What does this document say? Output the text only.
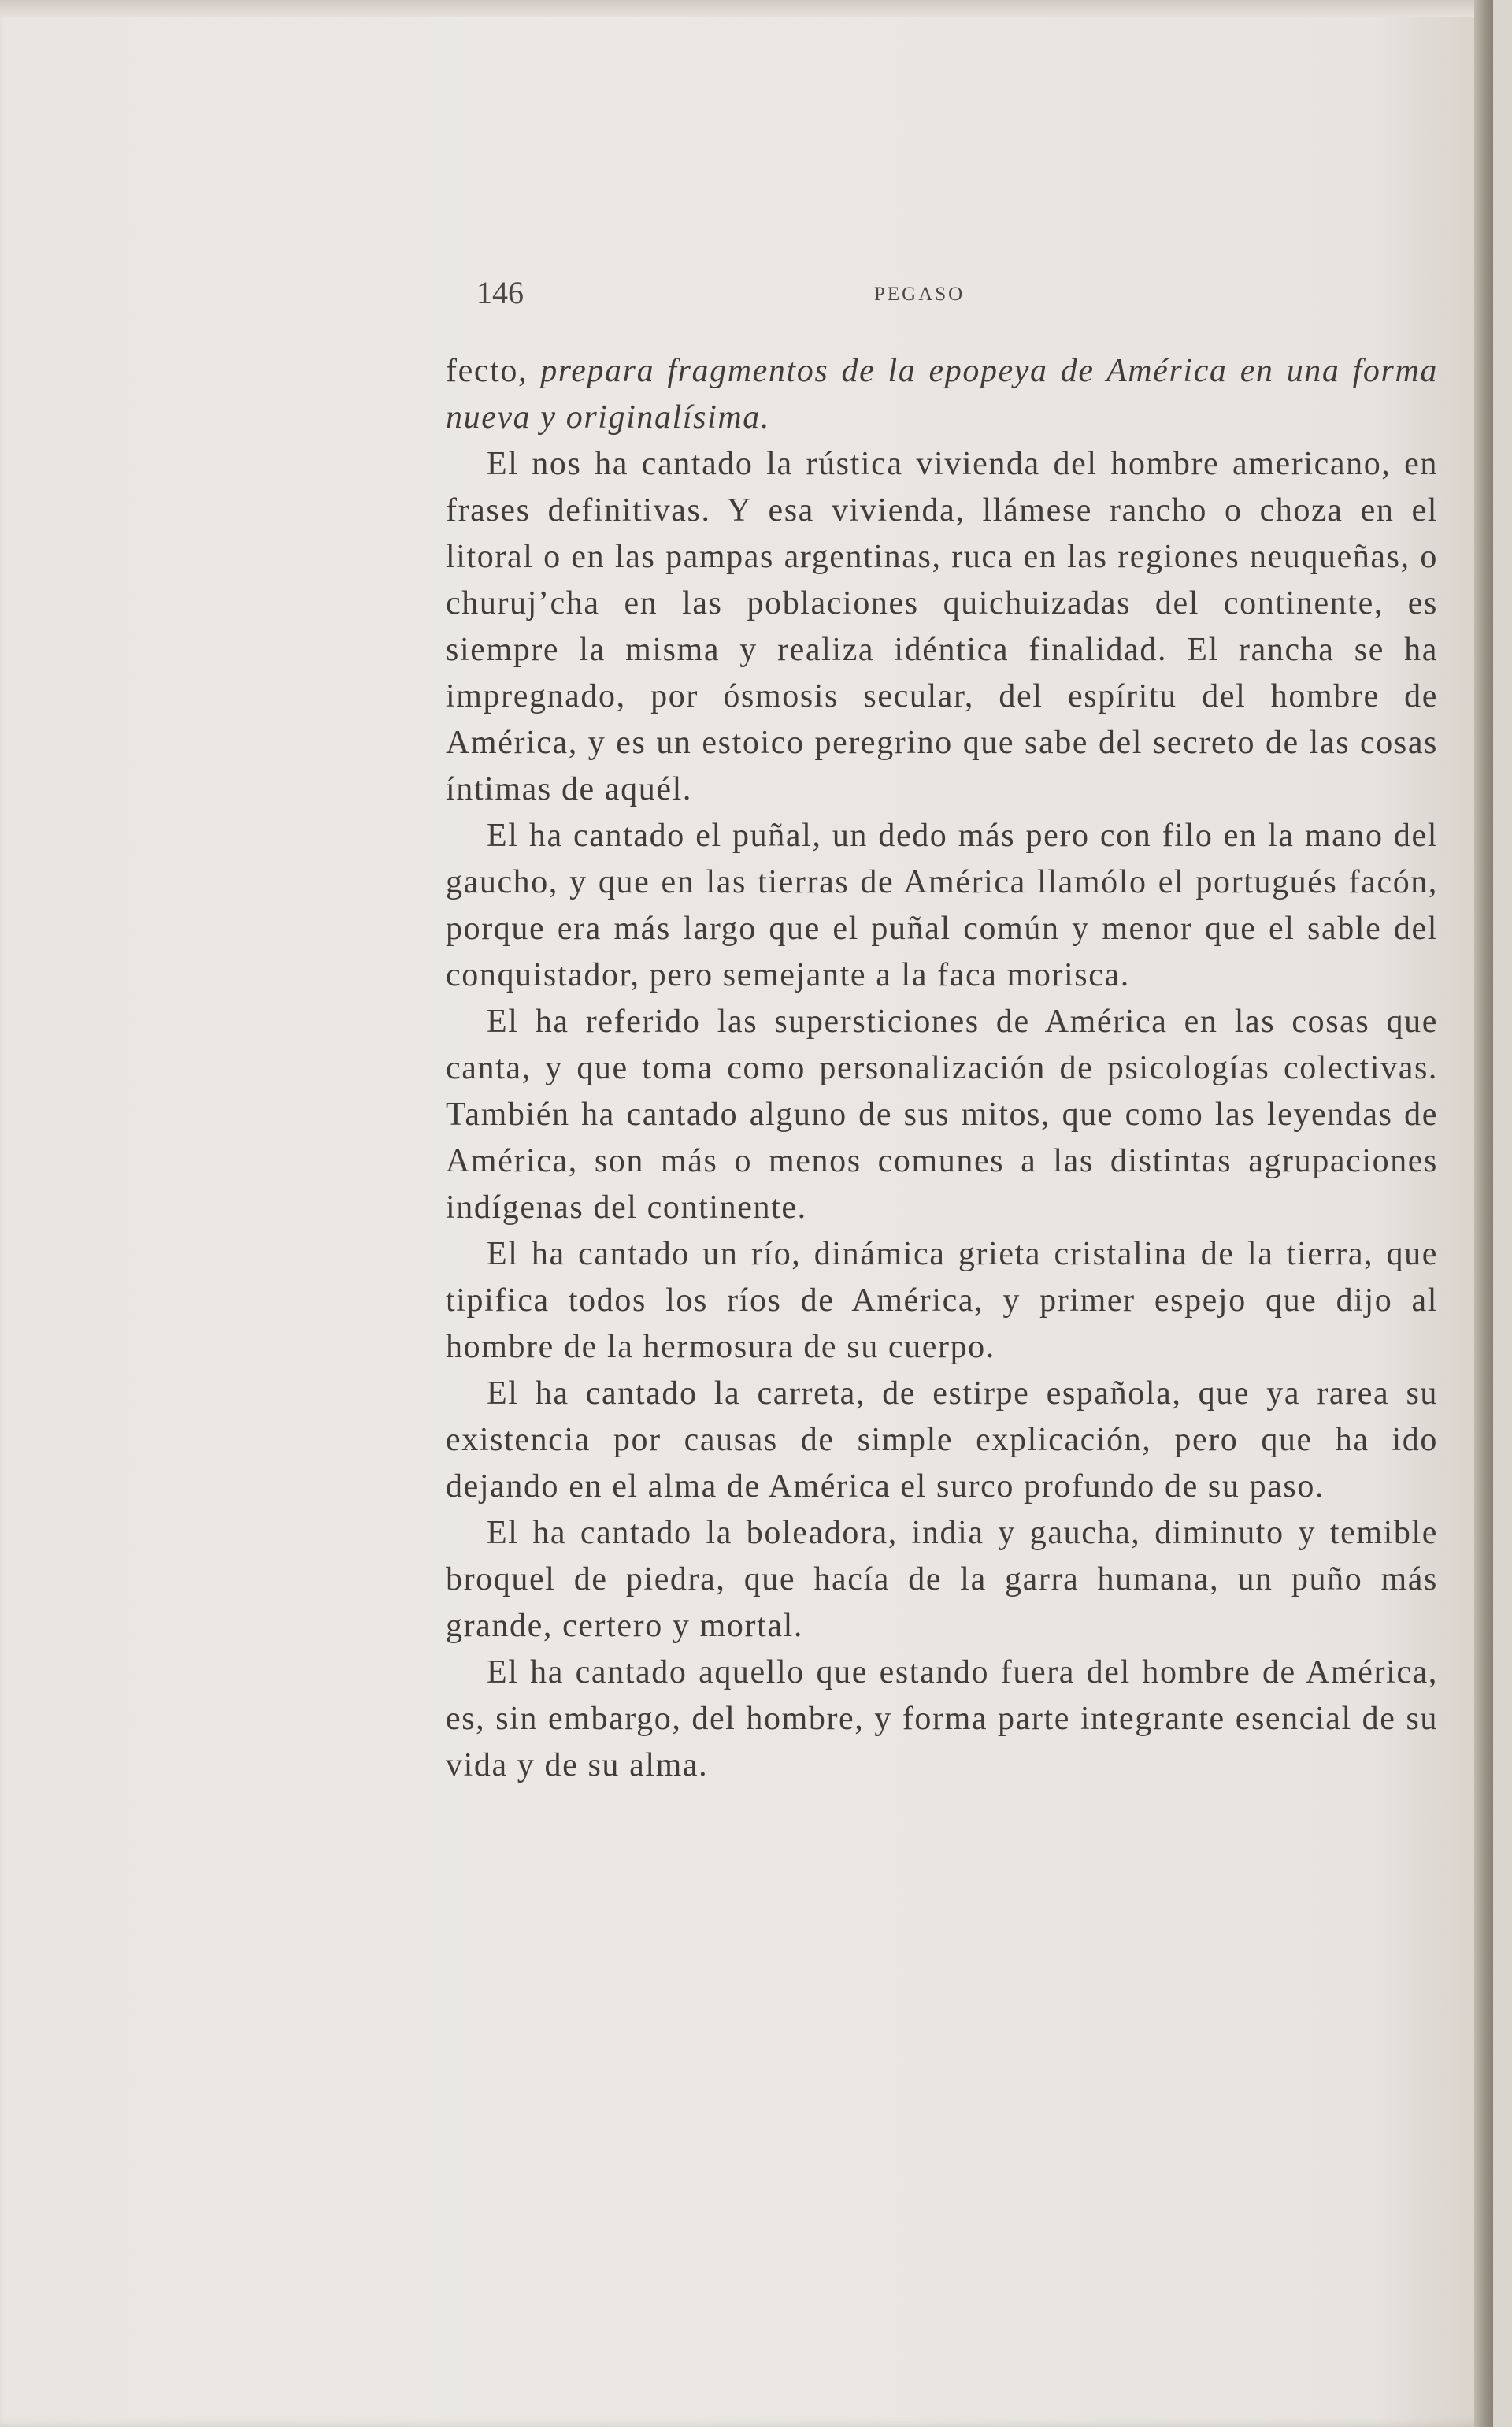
146	PEGASO

fecto, prepara fragmentos de la epopeya de América en una forma nueva y originalísima.

El nos ha cantado la rústica vivienda del hombre americano, en frases definitivas. Y esa vivienda, llámese rancho o choza en el litoral o en las pampas argentinas, ruca en las regiones neuqueñas, o churuj’cha en las poblaciones quichuizadas del continente, es siempre la misma y realiza idéntica finalidad. El rancha se ha impregnado, por ósmosis secular, del espíritu del hombre de América, y es un estoico peregrino que sabe del secreto de las cosas íntimas de aquél.

El ha cantado el puñal, un dedo más pero con filo en la mano del gaucho, y que en las tierras de América llamólo el portugués facón, porque era más largo que el puñal común y menor que el sable del conquistador, pero semejante a la faca morisca.

El ha referido las supersticiones de América en las cosas que canta, y que toma como personalización de psicologías colectivas. También ha cantado alguno de sus mitos, que como las leyendas de América, son más o menos comunes a las distintas agrupaciones indígenas del continente.

El ha cantado un río, dinámica grieta cristalina de la tierra, que tipifica todos los ríos de América, y primer espejo que dijo al hombre de la hermosura de su cuerpo.

El ha cantado la carreta, de estirpe española, que ya rarea su existencia por causas de simple explicación, pero que ha ido dejando en el alma de América el surco profundo de su paso.

El ha cantado la boleadora, india y gaucha, diminuto y temible broquel de piedra, que hacía de la garra humana, un puño más grande, certero y mortal.

El ha cantado aquello que estando fuera del hombre de América, es, sin embargo, del hombre, y forma parte integrante esencial de su vida y de su alma.
